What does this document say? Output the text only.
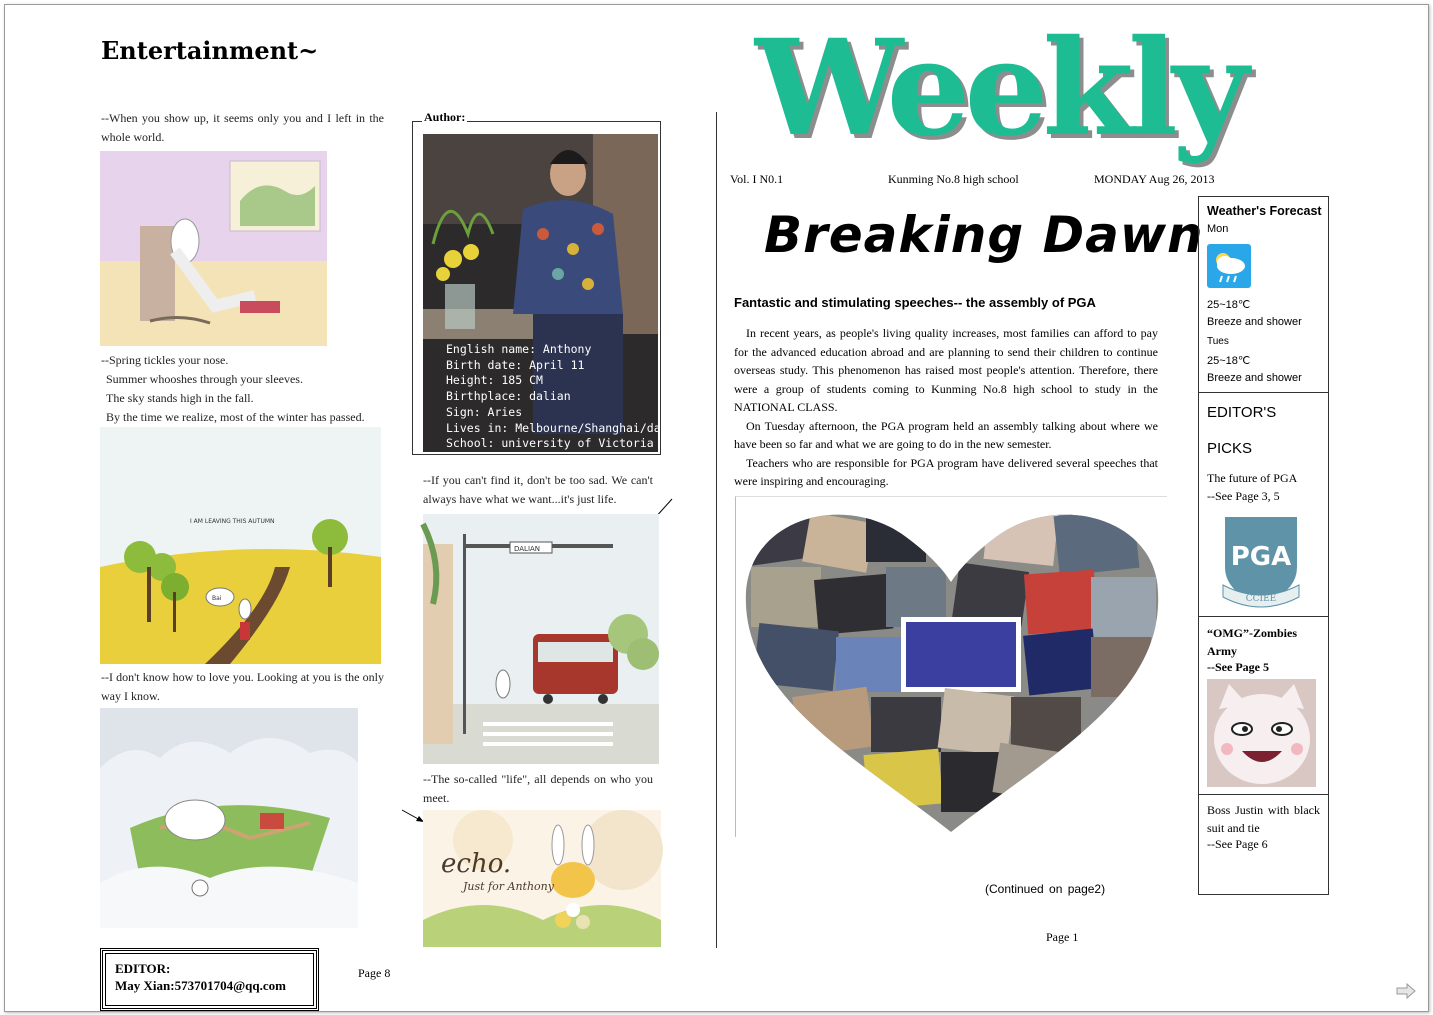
Entertainment~
--When you show up, it seems only you and I left in the whole world.
--Spring tickles your nose.
Summer whooshes through your sleeves.
The sky stands high in the fall.
By the time we realize, most of the winter has passed.
Bai
I AM LEAVING THIS AUTUMN
--I don't know how to love you. Looking at you is the only way I know.
Author:
English name: Anthony
Birth date: April 11
Height: 185 CM
Birthplace: dalian
Sign: Aries
Lives in: Melbourne/Shanghai/dalian
School: university of Victoria
--If you can't find it, don't be too sad. We can't always have what we want...it's just life.
DALIAN
--The so-called "life", all depends on who you meet.
echo.
Just for Anthony
EDITOR:
May Xian:573701704@qq.com
Page 8
Weekly
Vol. I N0.1	Kunming No.8 high school	MONDAY Aug 26, 2013
Breaking Dawn
Fantastic and stimulating speeches-- the assembly of PGA

In recent years, as people's living quality increases, most families can afford to pay for the advanced education abroad and are planning to send their children to continue overseas study. This phenomenon has raised most people's attention. Therefore, there were a group of students coming to Kunming No.8 high school to study in the NATIONAL CLASS.

On Tuesday afternoon, the PGA program held an assembly talking about where we have been so far and what we are going to do in the new semester.

Teachers who are responsible for PGA program have delivered several speeches that were inspiring and encouraging.

(Continued on page2)
Page 1
Weather's Forecast
Mon
25~18℃
Breeze and shower
Tues
25~18℃
Breeze and shower
EDITOR'S
PICKS
The future of PGA
--See Page 3, 5
PGA
CCIEE
“OMG”-Zombies Army
--See Page 5
Boss Justin with black suit and tie
--See Page 6
